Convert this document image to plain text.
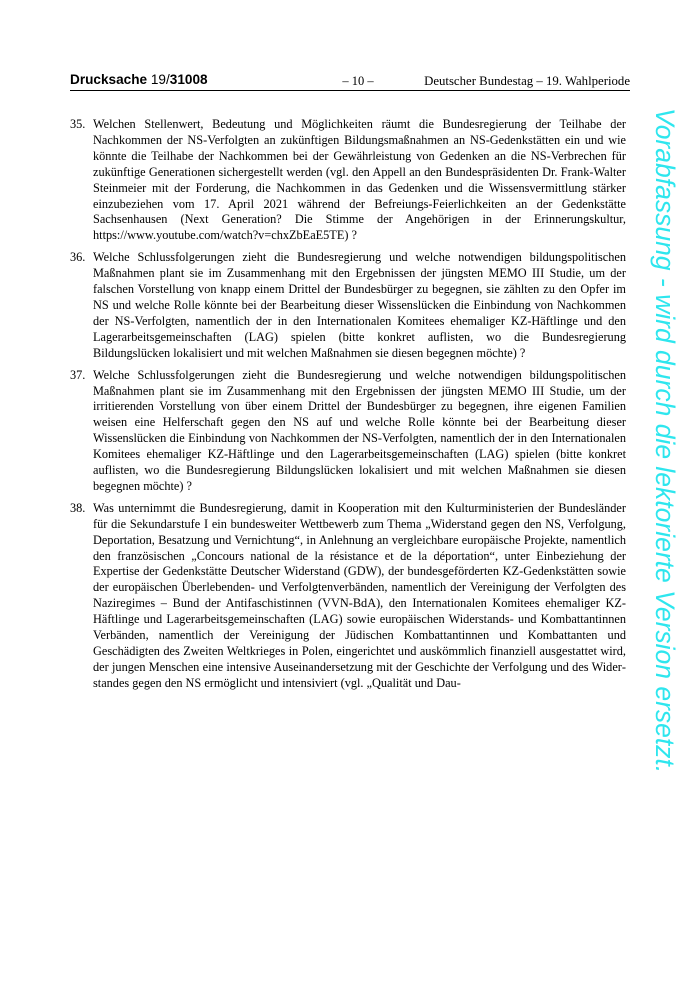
Drucksache 19/31008	– 10 –	Deutscher Bundestag – 19. Wahlperiode
35. Welchen Stellenwert, Bedeutung und Möglichkeiten räumt die Bundesregierung der Teilhabe der Nachkommen der NS-Verfolgten an zukünftigen Bildungsmaßnahmen an NS-Gedenkstätten ein und wie könnte die Teilhabe der Nachkommen bei der Gewährleistung von Gedenken an die NS-Verbrechen für zukünftige Generationen sichergestellt werden (vgl. den Appell an den Bundespräsidenten Dr. Frank-Walter Steinmeier mit der Forderung, die Nachkommen in das Gedenken und die Wissensvermittlung stärker einzubeziehen vom 17. April 2021 während der Befreiungs-Feierlichkeiten an der Gedenkstätte Sachsenhausen (Next Generation? Die Stimme der Angehörigen in der Erinnerungskultur, https://www.youtube.com/watch?v=chxZbEaE5TE) ?
36. Welche Schlussfolgerungen zieht die Bundesregierung und welche notwendigen bildungspolitischen Maßnahmen plant sie im Zusammenhang mit den Ergebnissen der jüngsten MEMO III Studie, um der falschen Vorstellung von knapp einem Drittel der Bundesbürger zu begegnen, sie zählten zu den Opfer im NS und welche Rolle könnte bei der Bearbeitung dieser Wissenslücken die Einbindung von Nachkommen der NS-Verfolgten, namentlich der in den Internationalen Komitees ehemaliger KZ-Häftlinge und den Lagerarbeitsgemeinschaften (LAG) spielen (bitte konkret auflisten, wo die Bundesregierung Bildungslücken lokalisiert und mit welchen Maßnahmen sie diesen begegnen möchte) ?
37. Welche Schlussfolgerungen zieht die Bundesregierung und welche notwendigen bildungspolitischen Maßnahmen plant sie im Zusammenhang mit den Ergebnissen der jüngsten MEMO III Studie, um der irritierenden Vorstellung von über einem Drittel der Bundesbürger zu begegnen, ihre eigenen Familien weisen eine Helferschaft gegen den NS auf und welche Rolle könnte bei der Bearbeitung dieser Wissenslücken die Einbindung von Nachkommen der NS-Verfolgten, namentlich der in den Internationalen Komitees ehemaliger KZ-Häftlinge und den Lagerarbeitsgemeinschaften (LAG) spielen (bitte konkret auflisten, wo die Bundesregierung Bildungslücken lokalisiert und mit welchen Maßnahmen sie diesen begegnen möchte) ?
38. Was unternimmt die Bundesregierung, damit in Kooperation mit den Kulturministerien der Bundesländer für die Sekundarstufe I ein bundesweiter Wettbewerb zum Thema „Widerstand gegen den NS, Verfolgung, Deportation, Besatzung und Vernichtung“, in Anlehnung an vergleichbare europäische Projekte, namentlich den französischen „Concours national de la résistance et de la déportation“, unter Einbeziehung der Expertise der Gedenkstätte Deutscher Widerstand (GDW), der bundesgeförderten KZ-Gedenkstätten sowie der europäischen Überlebenden- und Verfolgtenverbänden, namentlich der Vereinigung der Verfolgten des Naziregimes – Bund der Antifaschistinnen (VVN-BdA), den Internationalen Komitees ehemaliger KZ-Häftlinge und Lagerarbeitsgemeinschaften (LAG) sowie europäischen Widerstands- und Kombattantinnen Verbänden, namentlich der Vereinigung der Jüdischen Kombattantinnen und Kombattanten und Geschädigten des Zweiten Weltkrieges in Polen, eingerichtet und auskömmlich finanziell ausgestattet wird, der jungen Menschen eine intensive Auseinandersetzung mit der Geschichte der Verfolgung und des Widerstandes gegen den NS ermöglicht und intensiviert (vgl. „Qualität und Dau-	Vorabfassung - wird durch die lektorierte Version ersetzt.
